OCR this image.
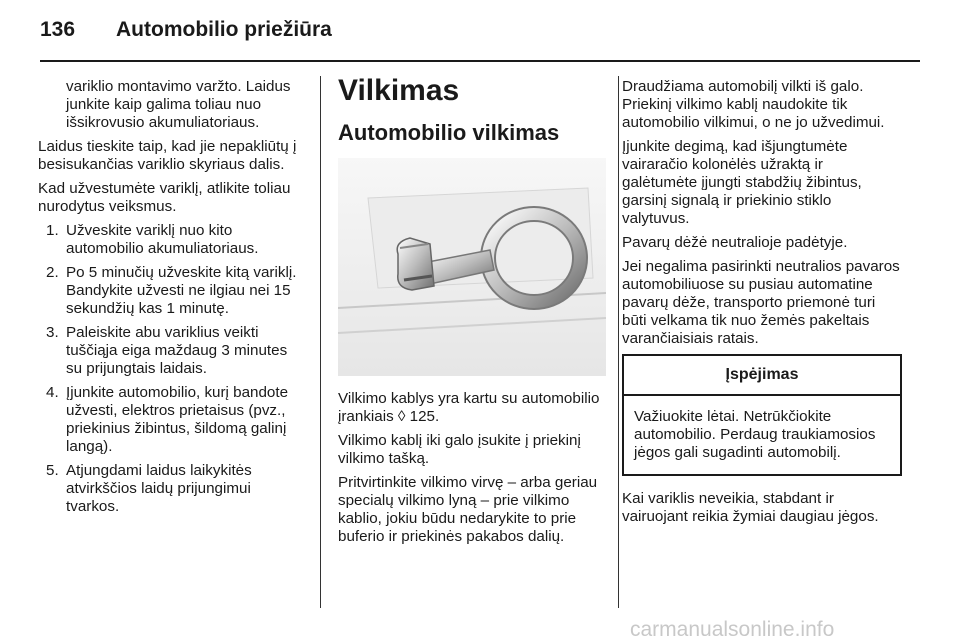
136 Automobilio priežiūra

variklio montavimo varžto. Laidus junkite kaip galima toliau nuo išsikrovusio akumuliatoriaus.

Laidus tieskite taip, kad jie nepakliūtų į besisukančias variklio skyriaus dalis.

Kad užvestumėte variklį, atlikite toliau nurodytus veiksmus.

1. Užveskite variklį nuo kito automobilio akumuliatoriaus.
2. Po 5 minučių užveskite kitą variklį. Bandykite užvesti ne ilgiau nei 15 sekundžių kas 1 minutę.
3. Paleiskite abu variklius veikti tuščiąja eiga maždaug 3 minutes su prijungtais laidais.
4. Įjunkite automobilio, kurį bandote užvesti, elektros prietaisus (pvz., priekinius žibintus, šildomą galinį langą).
5. Atjungdami laidus laikykitės atvirkščios laidų prijungimui tvarkos.
Vilkimas
Automobilio vilkimas

Vilkimo kablys yra kartu su automobilio įrankiais ◊ 125.

Vilkimo kablį iki galo įsukite į priekinį vilkimo tašką.

Pritvirtinkite vilkimo virvę – arba geriau specialų vilkimo lyną – prie vilkimo kablio, jokiu būdu nedarykite to prie buferio ir priekinės pakabos dalių.

Draudžiama automobilį vilkti iš galo. Priekinį vilkimo kablį naudokite tik automobilio vilkimui, o ne jo užvedimui.

Įjunkite degimą, kad išjungtumėte vairaračio kolonėlės užraktą ir galėtumėte įjungti stabdžių žibintus, garsinį signalą ir priekinio stiklo valytuvus.

Pavarų dėžė neutralioje padėtyje.

Jei negalima pasirinkti neutralios pavaros automobiliuose su pusiau automatine pavarų dėže, transporto priemonė turi būti velkama tik nuo žemės pakeltais varančiaisiais ratais.

Įspėjimas
Važiuokite lėtai. Netrūkčiokite automobilio. Perdaug traukiamosios jėgos gali sugadinti automobilį.

Kai variklis neveikia, stabdant ir vairuojant reikia žymiai daugiau jėgos.

carmanualsonline.info
